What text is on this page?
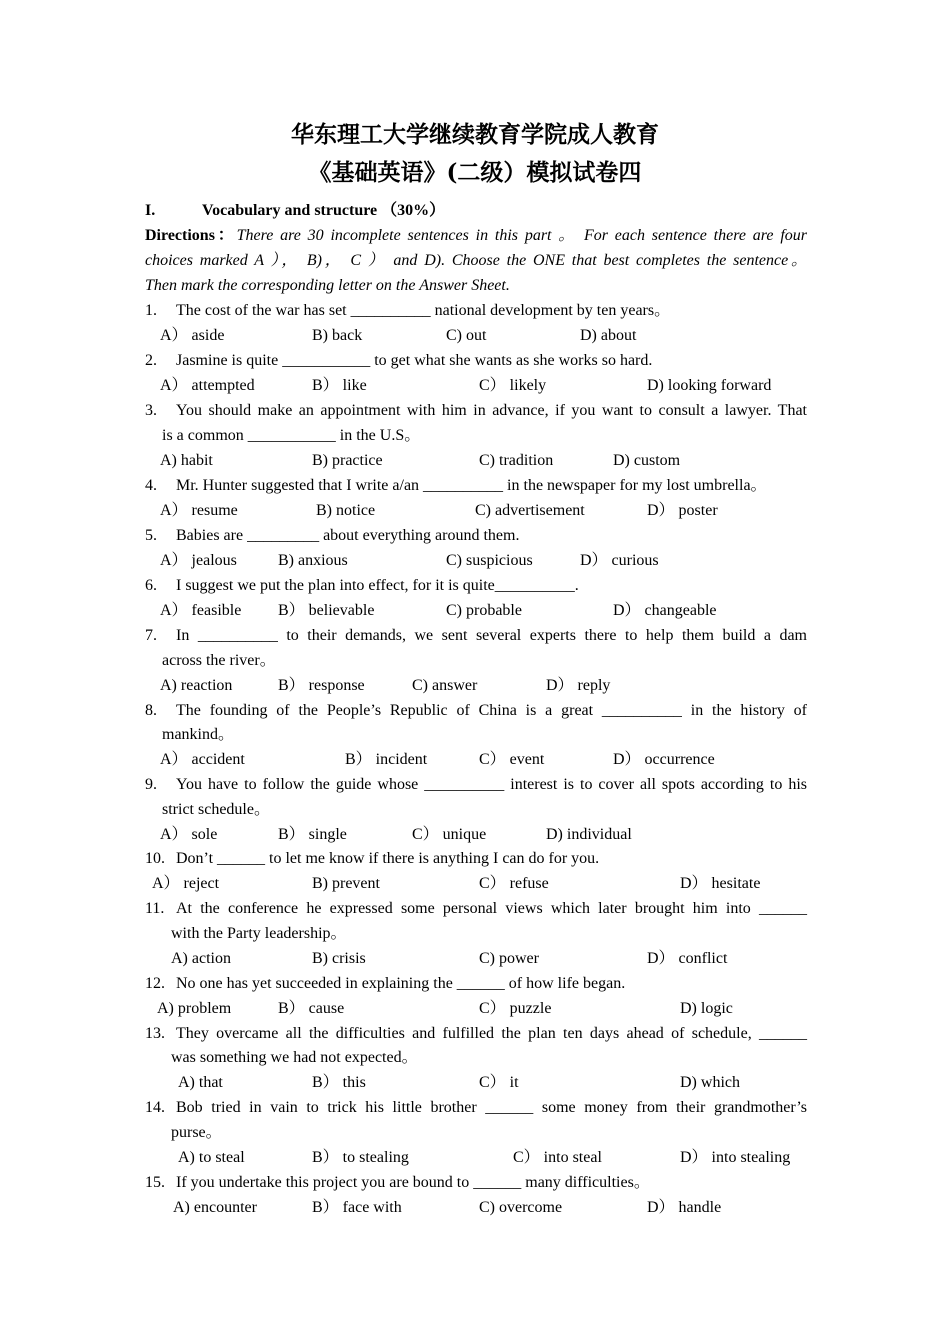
华东理工大学继续教育学院成人教育
《基础英语》(二级）模拟试卷四
I.	Vocabulary and structure （30%）
Directions：There are 30 incomplete sentences in this part 。 For each sentence there are four
choices marked A ）， B)， C ） and D). Choose the ONE that best completes the sentence。
Then mark the corresponding letter on the Answer Sheet.
1. The cost of the war has set __________ national development by ten years。
A） aside	B) back	C) out	D) about
2. Jasmine is quite ___________ to get what she wants as she works so hard.
A） attempted	B） like	C） likely	D) looking forward
3. You should make an appointment with him in advance, if you want to consult a lawyer. That
is a common ___________ in the U.S。
A) habit	B) practice	C) tradition	D) custom
4. Mr. Hunter suggested that I write a/an __________ in the newspaper for my lost umbrella。
A） resume	B) notice	C) advertisement	D） poster
5. Babies are _________ about everything around them.
A） jealous	B) anxious	C) suspicious	D） curious
6. I suggest we put the plan into effect, for it is quite__________.
A） feasible B） believable	C) probable	D） changeable
7. In __________ to their demands, we sent several experts there to help them build a dam
across the river。
A) reaction	B） response	C) answer	D） reply
8. The founding of the People’s Republic of China is a great __________ in the history of
mankind。
A） accident	B） incident	C） event	D） occurrence
9. You have to follow the guide whose __________ interest is to cover all spots according to his
strict schedule。
A） sole	B） single	C） unique	D) individual
10. Don’t ______ to let me know if there is anything I can do for you.
A） reject	B) prevent	C） refuse	D） hesitate
11. At the conference he expressed some personal views which later brought him into ______
with the Party leadership。
A) action	B) crisis	C) power	D） conflict
12. No one has yet succeeded in explaining the ______ of how life began.
A) problem	B） cause	C） puzzle	D) logic
13. They overcame all the difficulties and fulfilled the plan ten days ahead of schedule, ______
was something we had not expected。
A) that	B） this	C） it	D) which
14. Bob tried in vain to trick his little brother ______ some money from their grandmother’s
purse。
A) to steal	B） to stealing	C） into steal	D） into stealing
15. If you undertake this project you are bound to ______ many difficulties。
A) encounter	B） face with	C) overcome	D） handle
